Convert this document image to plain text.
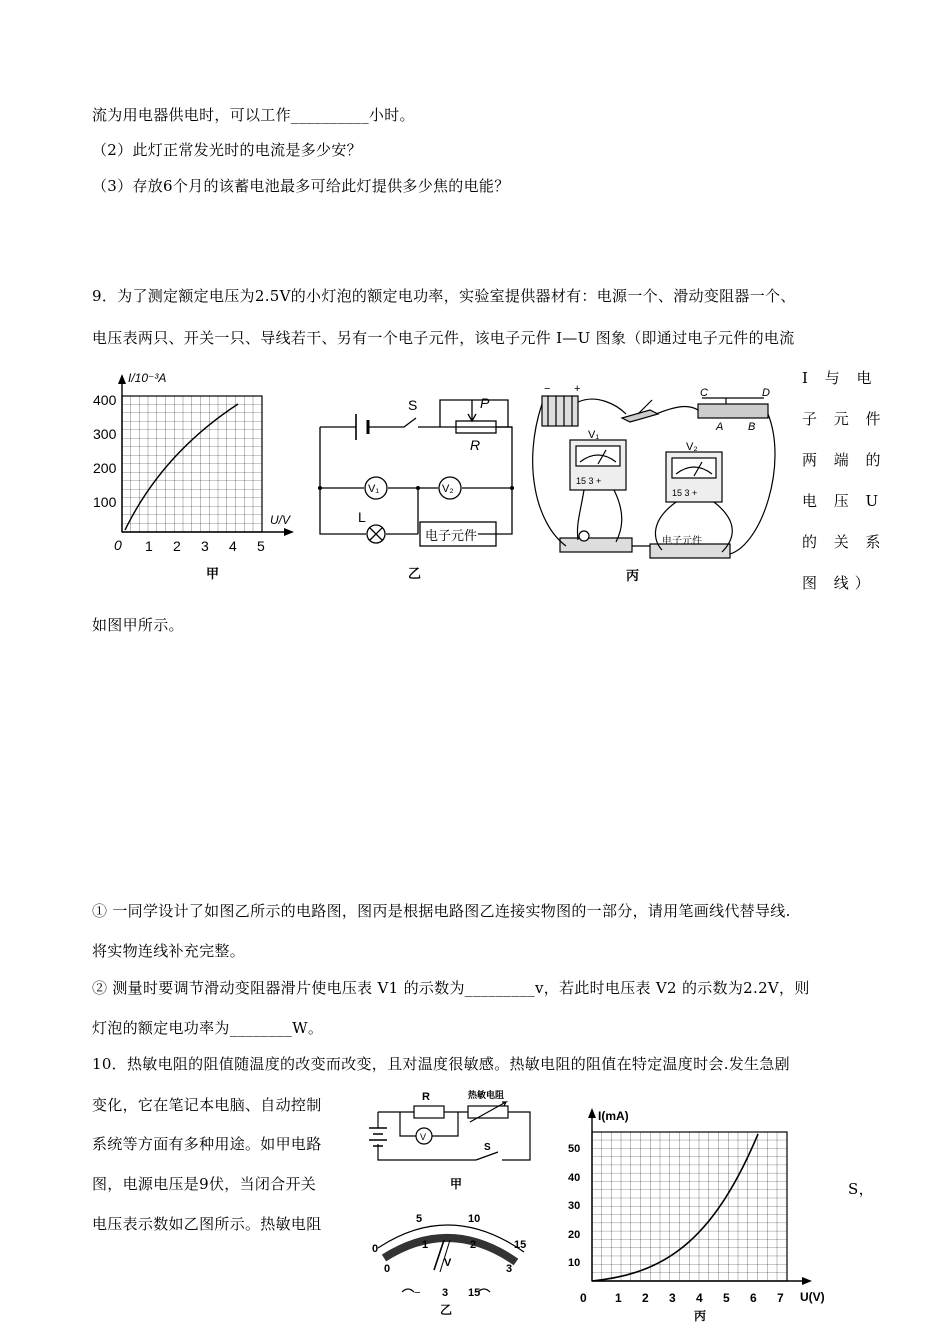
流为用电器供电时，可以工作__________小时。
（2）此灯正常发光时的电流是多少安？
（3）存放6个月的该蓄电池最多可给此灯提供多少焦的电能？
9．为了测定额定电压为2.5V的小灯泡的额定电功率，实验室提供器材有：电源一个、滑动变阻器一个、
电压表两只、开关一只、导线若干、另有一个电子元件，该电子元件 I—U 图象（即通过电子元件的电流
I/10⁻³A
U/V
0
400
300
200
100
1 2 3 4 5
甲
S	P
R
V₁	V₂
L
电子元件
乙
− +	C	D
A B
V₁
V₂
15 3 +
15 3 +
电子元件
丙
I 与 电
子 元 件
两 端 的
电 压 U
的 关 系
图 线）
如图甲所示。
① 一同学设计了如图乙所示的电路图，图丙是根据电路图乙连接实物图的一部分，请用笔画线代替导线.
将实物连线补充完整。
② 测量时要调节滑动变阻器滑片使电压表 V1 的示数为_________v，若此时电压表 V2 的示数为2.2V，则
灯泡的额定电功率为________W。
10．热敏电阻的阻值随温度的改变而改变，且对温度很敏感。热敏电阻的阻值在特定温度时会.发生急剧
变化，它在笔记本电脑、自动控制
系统等方面有多种用途。如甲电路
图，电源电压是9伏，当闭合开关
电压表示数如乙图所示。热敏电阻
S，
R	热敏电阻
V
S
甲
0
5	10
15
0
1	2
3
V
− 3 15
乙
I(mA)
U(V)
0
50
40
30
20
10
1 2 3 4 5 6 7
丙
